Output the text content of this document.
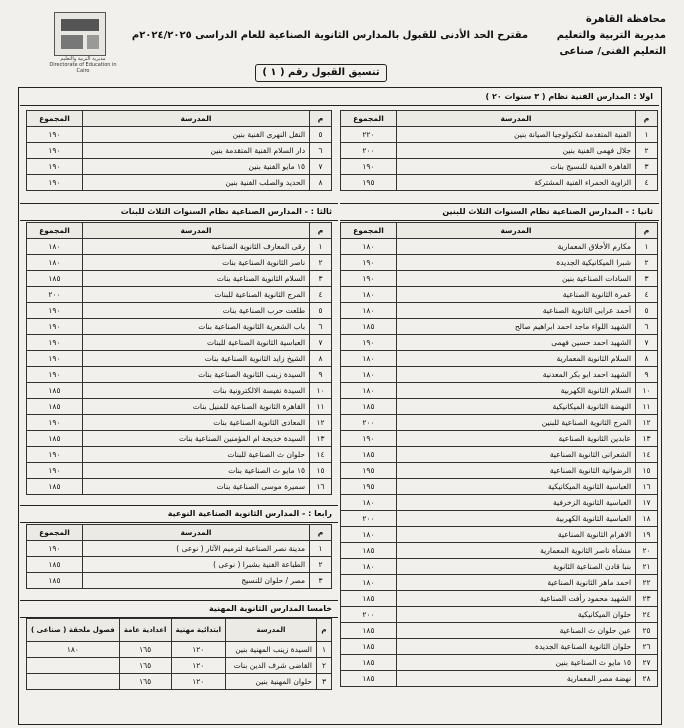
مديرية التربية والتعليم Directorate of Education in Cairo
محافظة القاهرة
مديرية التربية والتعليم
التعليم الفنى/ صناعى
مقترح الحد الأدنى للقبول بالمدارس الثانوية الصناعية للعام الدراسى ٢٠٢٤/٢٠٢٥م
تنسيق القبول رقم ( ١ )
اولا : المدارس الفنية نظام ( ٣ سنوات ٢٠ )
م	المدرسة	المجموع
١	الفنية المتقدمة لتكنولوجيا الصيانة بنين	٢٢٠
٢	جلال فهمى الفنية بنين	٢٠٠
٣	القاهرة الفنية للنسيج بنات	١٩٠
٤	الزاوية الحمراء الفنية المشتركة	١٩٥
م	المدرسة	المجموع
٥	النقل النهرى الفنية بنين	١٩٠
٦	دار السلام الفنية المتقدمة بنين	١٩٠
٧	١٥ مايو الفنية بنين	١٩٠
٨	الحديد والصلب الفنية بنين	١٩٠
ثانيا : - المدارس الصناعية نظام السنوات الثلاث للبنين
م	المدرسة	المجموع
١	مكارم الأخلاق المعمارية	١٨٠
٢	شبرا الميكانيكية الجديدة	١٩٠
٣	السادات الصناعية بنين	١٩٠
٤	غمرة الثانوية الصناعية	١٨٠
٥	أحمد عرابى الثانوية الصناعية	١٨٠
٦	الشهيد اللواء ماجد احمد ابراهيم صالح	١٨٥
٧	الشهيد احمد حسين فهمى	١٩٠
٨	السلام الثانوية المعمارية	١٨٠
٩	الشهيد احمد ابو بكر المعدنية	١٨٠
١٠	السلام الثانوية الكهربية	١٨٠
١١	النهضة الثانوية الميكانيكية	١٨٥
١٢	المرج الثانوية الصناعية للبنين	٢٠٠
١٣	عابدين الثانوية الصناعية	١٩٠
١٤	الشعرانى الثانوية الصناعية	١٨٥
١٥	الرضوانية الثانوية الصناعية	١٩٥
١٦	العباسية الثانوية الميكانيكية	١٩٥
١٧	العباسية الثانوية الزخرفية	١٨٠
١٨	العباسية الثانوية الكهربية	٢٠٠
١٩	الاهرام الثانوية الصناعية	١٨٠
٢٠	منشأة ناصر الثانوية المعمارية	١٨٥
٢١	بنبا قادن الصناعية الثانوية	١٨٠
٢٢	احمد ماهر الثانوية الصناعية	١٨٠
٢٣	الشهيد محمود رأفت الصناعية	١٨٥
٢٤	حلوان الميكانيكية	٢٠٠
٢٥	عين حلوان ث الصناعية	١٨٥
٢٦	حلوان الثانوية الصناعية الجديدة	١٨٥
٢٧	١٥ مايو ث الصناعية بنين	١٨٥
٢٨	نهضة مصر المعمارية	١٨٥
ثالثا : - المدارس الصناعية نظام السنوات الثلاث للبنات
م	المدرسة	المجموع
١	رقى المعارف الثانوية الصناعية	١٨٠
٢	ناصر الثانوية الصناعية بنات	١٨٠
٣	السلام الثانوية الصناعية بنات	١٨٥
٤	المرج الثانوية الصناعية للبنات	٢٠٠
٥	طلعت حرب الصناعية بنات	١٩٠
٦	باب الشعرية الثانوية الصناعية بنات	١٩٠
٧	العباسية الثانوية الصناعية للبنات	١٩٠
٨	الشيخ زايد الثانوية الصناعية بنات	١٩٠
٩	السيدة زينب الثانوية الصناعية بنات	١٩٠
١٠	السيدة نفيسة الالكترونية بنات	١٨٥
١١	القاهرة الثانوية الصناعية للمنيل بنات	١٨٥
١٢	المعادى الثانوية الصناعية بنات	١٩٠
١٣	السيدة خديجة ام المؤمنين الصناعية بنات	١٨٥
١٤	حلوان ث الصناعية للبنات	١٩٠
١٥	١٥ مايو ث الصناعية بنات	١٩٠
١٦	سميرة موسى الصناعية بنات	١٨٥
رابعا : - المدارس الثانوية الصناعية النوعية
م	المدرسة	المجموع
١	مدينة نصر الصناعية لترميم الآثار ( نوعى )	١٩٠
٢	الطباعة الفنية بشبرا ( نوعى )	١٨٥
٣	مصر / حلوان للنسيج	١٨٥
خامسا المدارس الثانوية المهنية
م	المدرسة	ابتدائية مهنية	اعدادية عامة	فصول ملحقة ( صناعى )
١	السيدة زينب المهنية بنين	١٢٠	١٦٥	١٨٠
٢	القاضى شرف الدين بنات	١٢٠	١٦٥	
٣	حلوان المهنية بنين	١٢٠	١٦٥	
